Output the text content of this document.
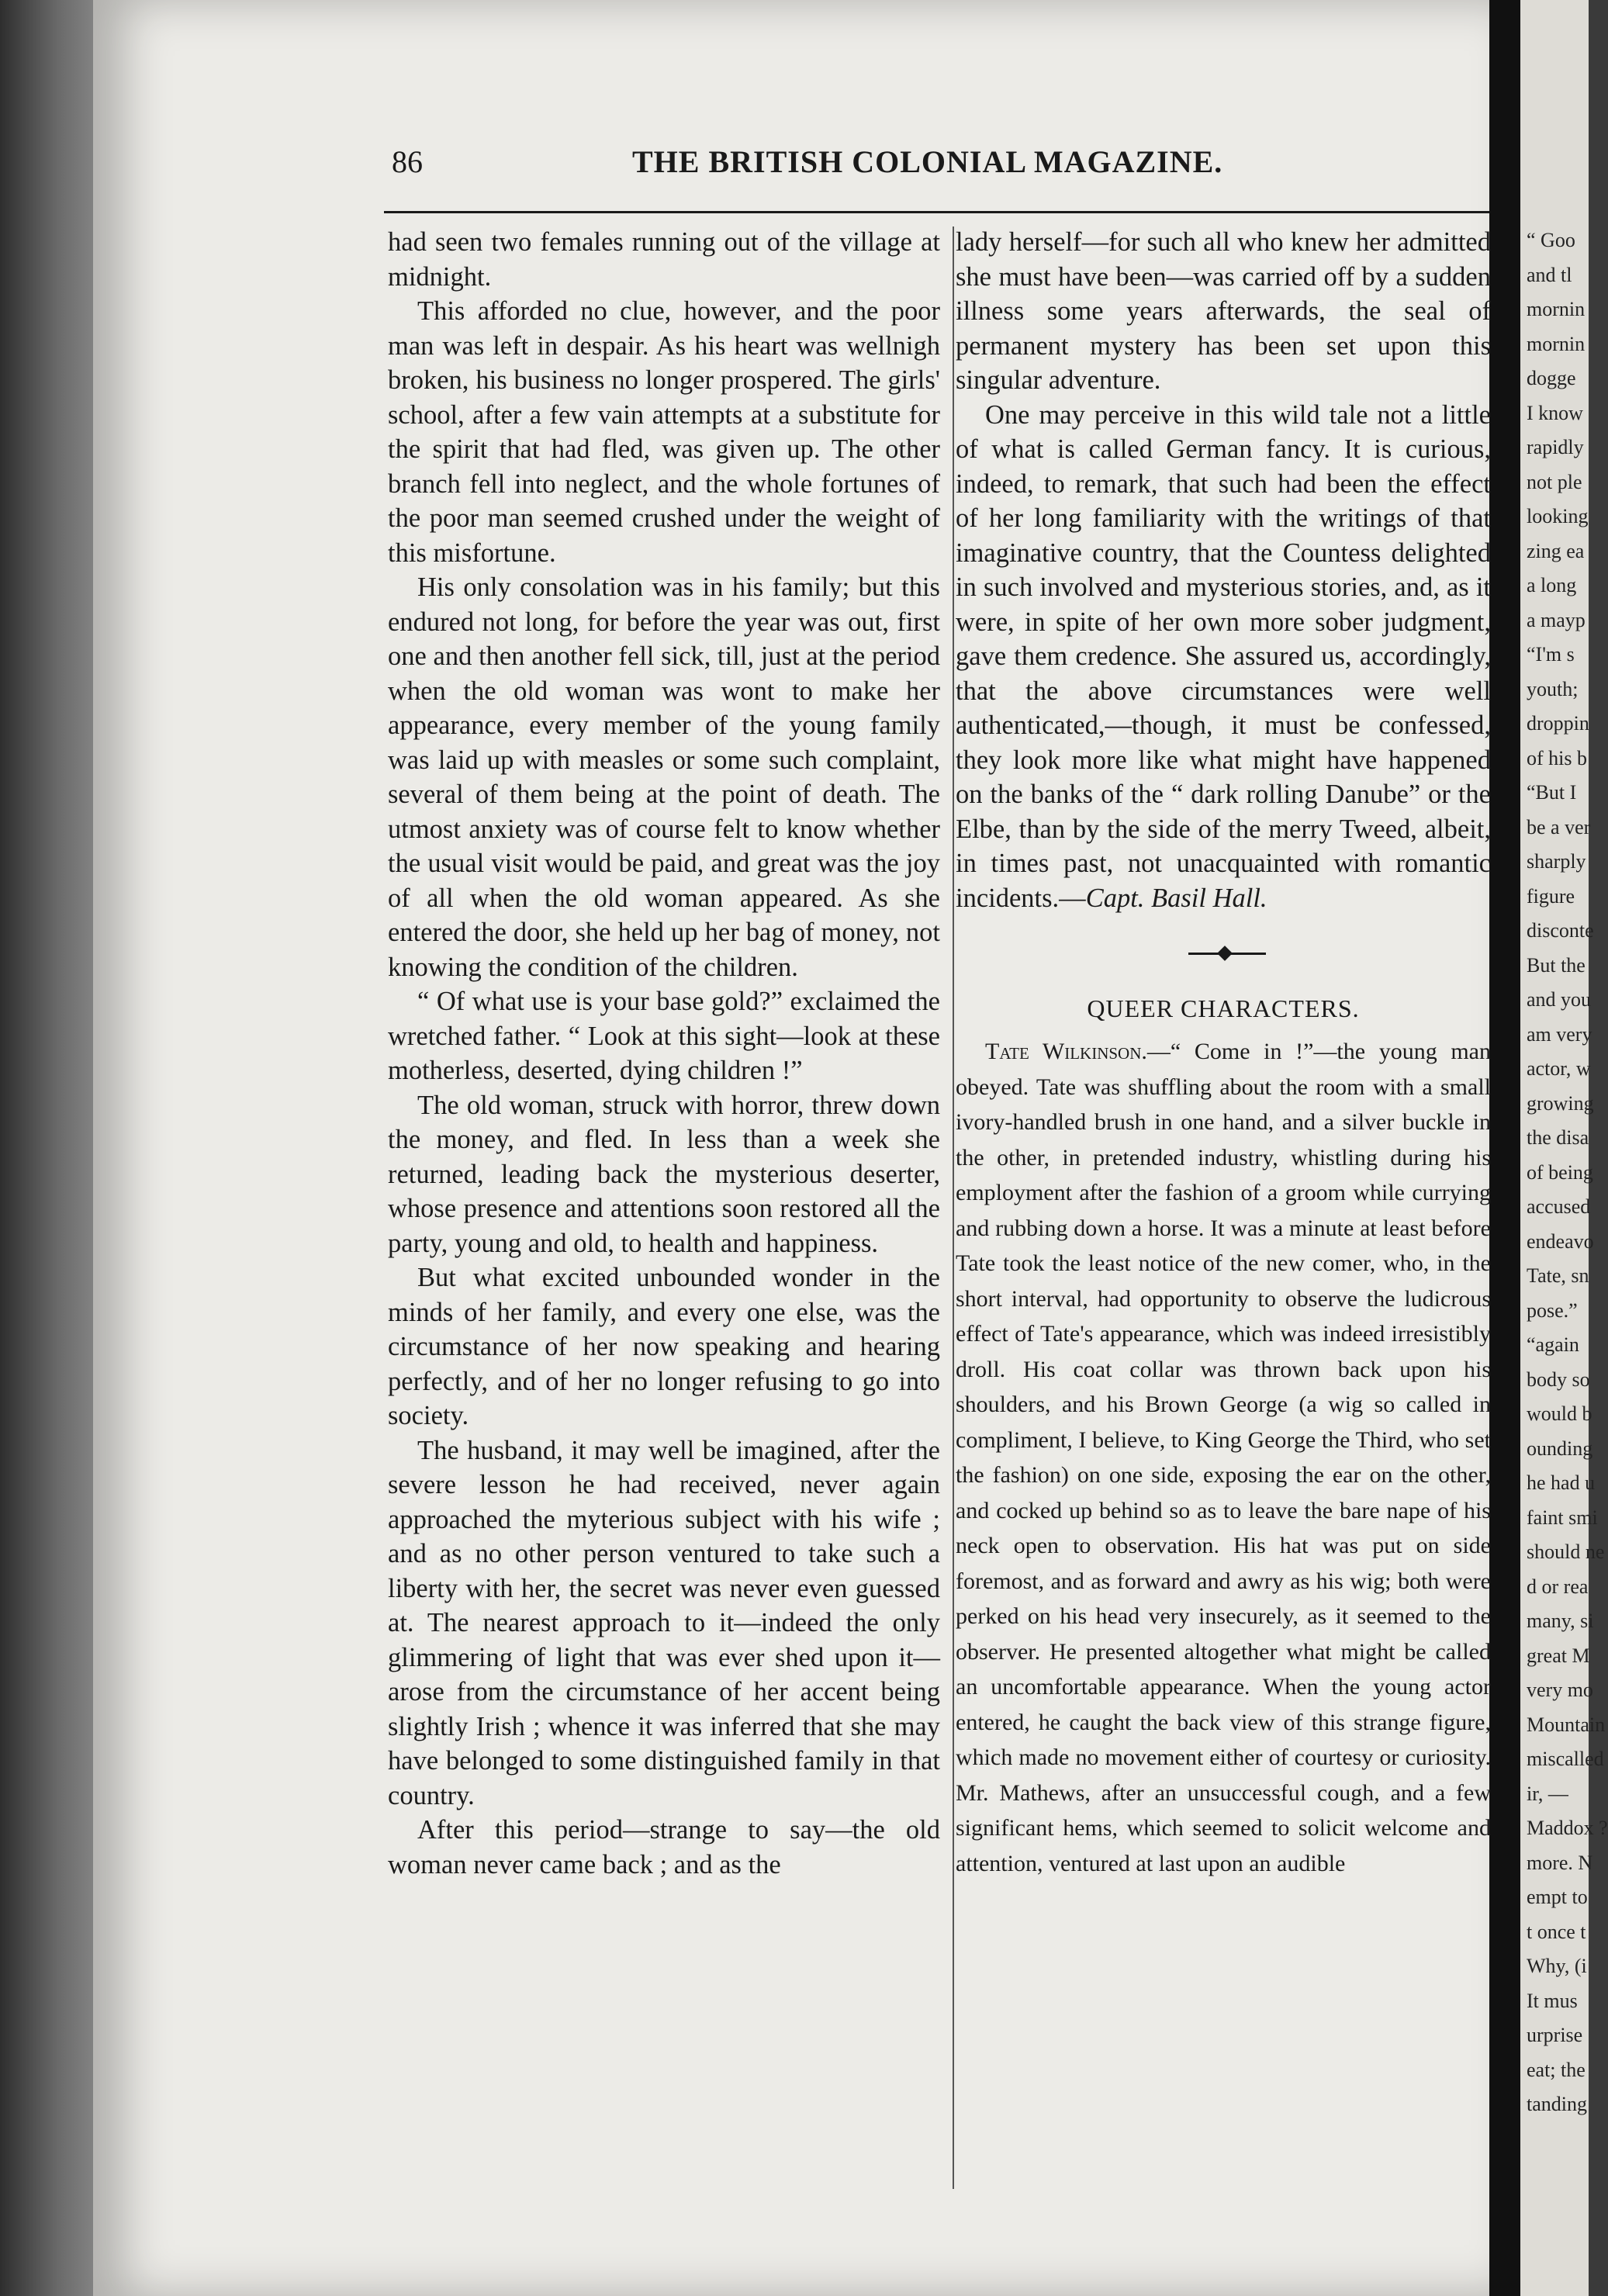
“ Goo
and tl
mornin
mornin
dogge
I know
rapidly
not ple
looking
zing ea
a long
a mayp
“I'm s
youth;
droppin
of his b
“But I
be a ver
sharply
figure
disconte
But the
and you
am very
actor, w
growing
the disa
of being
accused
endeavo
Tate, sn
pose.”
“again
body so
would b
ounding
he had u
faint smi
should ne
d or rea
many, si
great M
very mo
Mountain
miscalled
ir, —
Maddox ?
more. N
empt to
t once t
Why, (i
It mus
urprise
eat; the
tanding
86	THE BRITISH COLONIAL MAGAZINE.

had seen two females running out of the village at midnight.

This afforded no clue, however, and the poor man was left in despair. As his heart was wellnigh broken, his business no longer prospered. The girls' school, after a few vain attempts at a substitute for the spirit that had fled, was given up. The other branch fell into neglect, and the whole fortunes of the poor man seemed crushed under the weight of this misfortune.

His only consolation was in his family; but this endured not long, for before the year was out, first one and then another fell sick, till, just at the period when the old woman was wont to make her appearance, every member of the young family was laid up with measles or some such complaint, several of them being at the point of death. The utmost anxiety was of course felt to know whether the usual visit would be paid, and great was the joy of all when the old woman appeared. As she entered the door, she held up her bag of money, not knowing the condition of the children.

“ Of what use is your base gold?” exclaimed the wretched father. “ Look at this sight—look at these motherless, deserted, dying children !”

The old woman, struck with horror, threw down the money, and fled. In less than a week she returned, leading back the mysterious deserter, whose presence and attentions soon restored all the party, young and old, to health and happiness.

But what excited unbounded wonder in the minds of her family, and every one else, was the circumstance of her now speaking and hearing perfectly, and of her no longer refusing to go into society.

The husband, it may well be imagined, after the severe lesson he had received, never again approached the myterious subject with his wife ; and as no other person ventured to take such a liberty with her, the secret was never even guessed at. The nearest approach to it—indeed the only glimmering of light that was ever shed upon it—arose from the circumstance of her accent being slightly Irish ; whence it was inferred that she may have belonged to some distinguished family in that country.

After this period—strange to say—the old woman never came back ; and as the

lady herself—for such all who knew her admitted she must have been—was carried off by a sudden illness some years afterwards, the seal of permanent mystery has been set upon this singular adventure.

One may perceive in this wild tale not a little of what is called German fancy. It is curious, indeed, to remark, that such had been the effect of her long familiarity with the writings of that imaginative country, that the Countess delighted in such involved and mysterious stories, and, as it were, in spite of her own more sober judgment, gave them credence. She assured us, accordingly, that the above circumstances were well authenticated,—though, it must be confessed, they look more like what might have happened on the banks of the “ dark rolling Danube” or the Elbe, than by the side of the merry Tweed, albeit, in times past, not unacquainted with romantic incidents.—Capt. Basil Hall.

QUEER CHARACTERS.

Tate Wilkinson.—“ Come in !”—the young man obeyed. Tate was shuffling about the room with a small ivory-handled brush in one hand, and a silver buckle in the other, in pretended industry, whistling during his employment after the fashion of a groom while currying and rubbing down a horse. It was a minute at least before Tate took the least notice of the new comer, who, in the short interval, had opportunity to observe the ludicrous effect of Tate's appearance, which was indeed irresistibly droll. His coat collar was thrown back upon his shoulders, and his Brown George (a wig so called in compliment, I believe, to King George the Third, who set the fashion) on one side, exposing the ear on the other, and cocked up behind so as to leave the bare nape of his neck open to observation. His hat was put on side foremost, and as forward and awry as his wig; both were perked on his head very insecurely, as it seemed to the observer. He presented altogether what might be called an uncomfortable appearance. When the young actor entered, he caught the back view of this strange figure, which made no movement either of courtesy or curiosity. Mr. Mathews, after an unsuccessful cough, and a few significant hems, which seemed to solicit welcome and attention, ventured at last upon an audible
